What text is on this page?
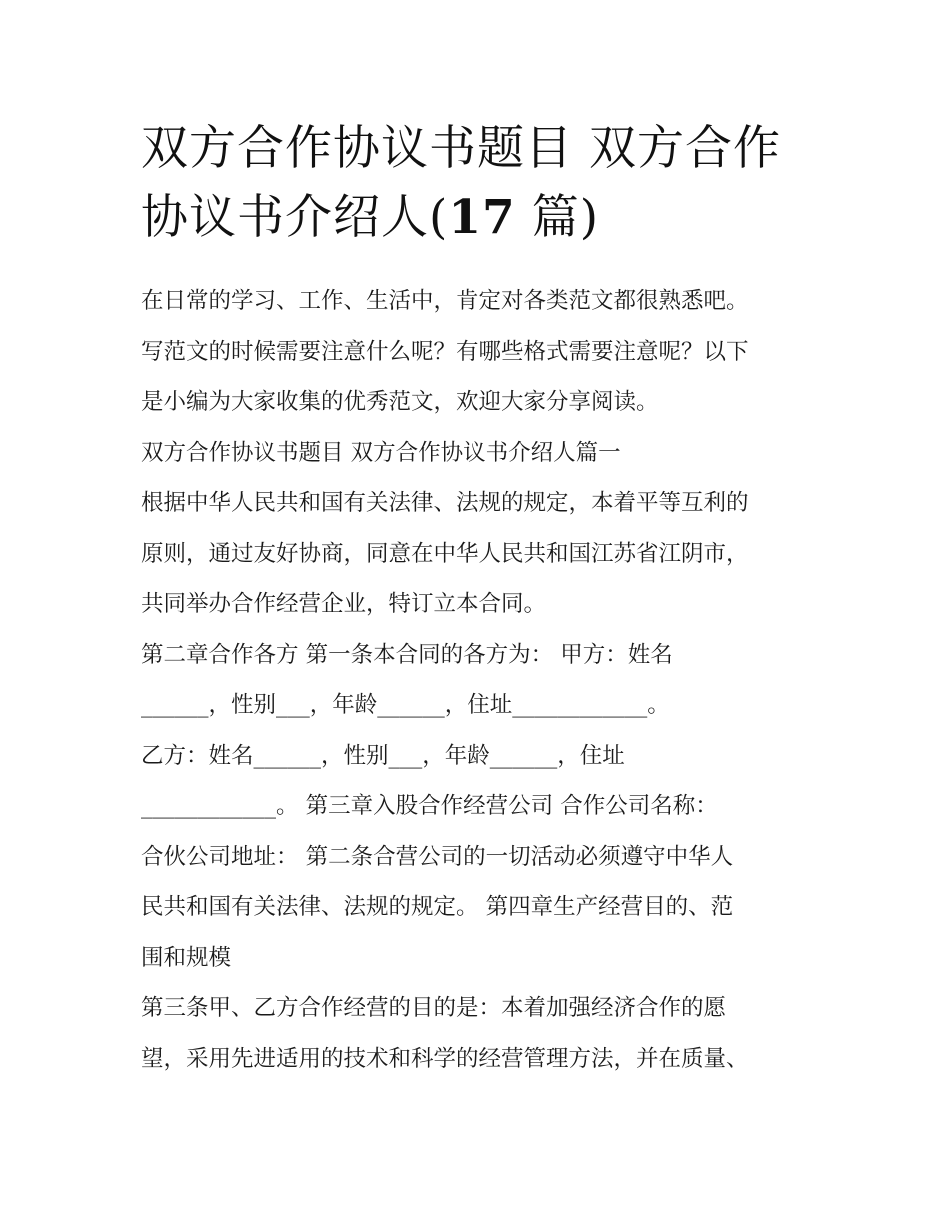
双方合作协议书题目 双方合作
协议书介绍人(17 篇)

在日常的学习、工作、生活中，肯定对各类范文都很熟悉吧。
写范文的时候需要注意什么呢？有哪些格式需要注意呢？以下
是小编为大家收集的优秀范文，欢迎大家分享阅读。

双方合作协议书题目 双方合作协议书介绍人篇一

根据中华人民共和国有关法律、法规的规定，本着平等互利的
原则，通过友好协商，同意在中华人民共和国江苏省江阴市，
共同举办合作经营企业，特订立本合同。

第二章合作各方 第一条本合同的各方为： 甲方：姓名
______，性别___，年龄______，住址____________。

乙方：姓名______，性别___，年龄______，住址
____________。 第三章入股合作经营公司 合作公司名称：
合伙公司地址： 第二条合营公司的一切活动必须遵守中华人
民共和国有关法律、法规的规定。 第四章生产经营目的、范
围和规模

第三条甲、乙方合作经营的目的是：本着加强经济合作的愿
望，采用先进适用的技术和科学的经营管理方法，并在质量、
